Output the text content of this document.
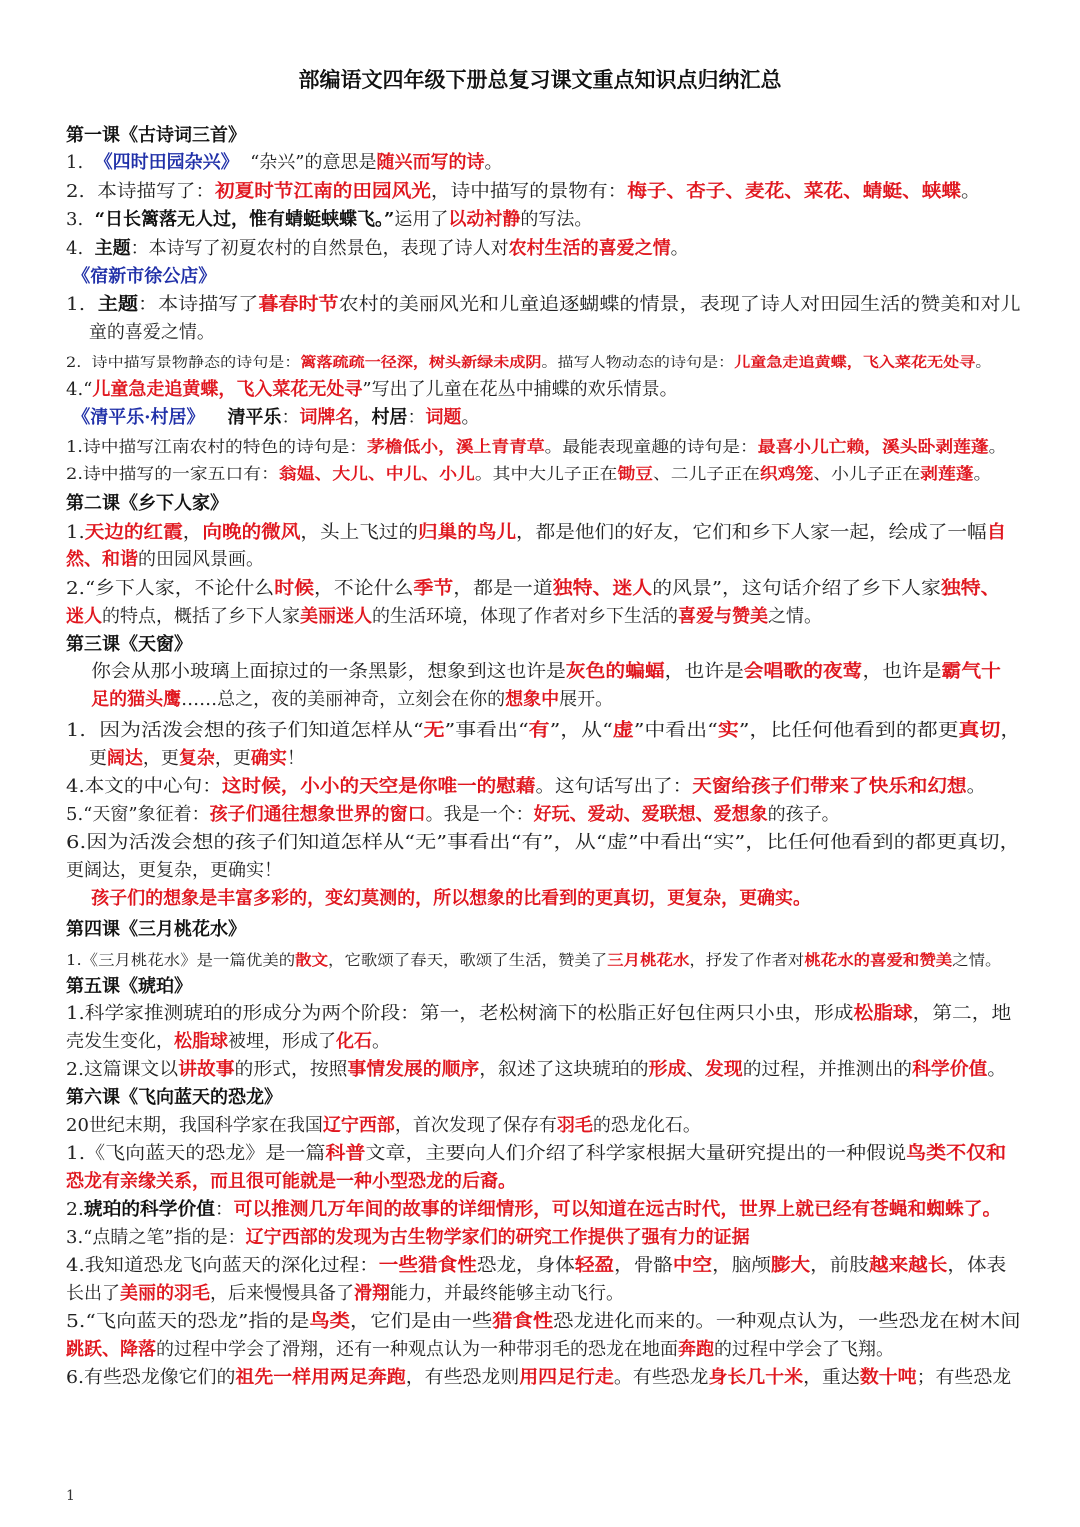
部编语文四年级下册总复习课文重点知识点归纳汇总
第一课《古诗词三首》
1.  《四时田园杂兴》  “杂兴”的意思是随兴而写的诗。
2.  本诗描写了：初夏时节江南的田园风光，诗中描写的景物有：梅子、杏子、麦花、菜花、蜻蜓、蛱蝶。
3.  “日长篱落无人过，惟有蜻蜓蛱蝶飞。”运用了以动衬静的写法。
4.  主题：本诗写了初夏农村的自然景色，表现了诗人对农村生活的喜爱之情。
《宿新市徐公店》
1.  主题：本诗描写了暮春时节农村的美丽风光和儿童追逐蝴蝶的情景，表现了诗人对田园生活的赞美和对儿
童的喜爱之情。
2.  诗中描写景物静态的诗句是：篱落疏疏一径深，树头新绿未成阴。描写人物动态的诗句是：儿童急走追黄蝶，飞入菜花无处寻。
4.“儿童急走追黄蝶，飞入菜花无处寻”写出了儿童在花丛中捕蝶的欢乐情景。
《清平乐·村居》 清平乐：词牌名，村居：词题。
1.诗中描写江南农村的特色的诗句是：茅檐低小，溪上青青草。最能表现童趣的诗句是：最喜小儿亡赖，溪头卧剥莲蓬。
2.诗中描写的一家五口有：翁媪、大儿、中儿、小儿。其中大儿子正在锄豆、二儿子正在织鸡笼、小儿子正在剥莲蓬。
第二课《乡下人家》
1.天边的红霞，向晚的微风，头上飞过的归巢的鸟儿，都是他们的好友，它们和乡下人家一起，绘成了一幅自
然、和谐的田园风景画。
2.“乡下人家，不论什么时候，不论什么季节，都是一道独特、迷人的风景”，这句话介绍了乡下人家独特、
迷人的特点，概括了乡下人家美丽迷人的生活环境，体现了作者对乡下生活的喜爱与赞美之情。
第三课《天窗》
你会从那小玻璃上面掠过的一条黑影，想象到这也许是灰色的蝙蝠，也许是会唱歌的夜莺，也许是霸气十
足的猫头鹰……总之，夜的美丽神奇，立刻会在你的想象中展开。
1.  因为活泼会想的孩子们知道怎样从“无”事看出“有”，从“虚”中看出“实”，比任何他看到的都更真切，
更阔达，更复杂，更确实！
4.本文的中心句：这时候，小小的天空是你唯一的慰藉。这句话写出了：天窗给孩子们带来了快乐和幻想。
5.“天窗”象征着：孩子们通往想象世界的窗口。我是一个：好玩、爱动、爱联想、爱想象的孩子。
6.因为活泼会想的孩子们知道怎样从“无”事看出“有”，从“虚”中看出“实”，比任何他看到的都更真切，
更阔达，更复杂，更确实！
孩子们的想象是丰富多彩的，变幻莫测的，所以想象的比看到的更真切，更复杂，更确实。
第四课《三月桃花水》
1.《三月桃花水》是一篇优美的散文，它歌颂了春天，歌颂了生活，赞美了三月桃花水，抒发了作者对桃花水的喜爱和赞美之情。
第五课《琥珀》
1.科学家推测琥珀的形成分为两个阶段：第一，老松树滴下的松脂正好包住两只小虫，形成松脂球，第二，地
壳发生变化，松脂球被埋，形成了化石。
2.这篇课文以讲故事的形式，按照事情发展的顺序，叙述了这块琥珀的形成、发现的过程，并推测出的科学价值。
第六课《飞向蓝天的恐龙》
20世纪末期，我国科学家在我国辽宁西部，首次发现了保存有羽毛的恐龙化石。
1.《飞向蓝天的恐龙》是一篇科普文章，主要向人们介绍了科学家根据大量研究提出的一种假说鸟类不仅和
恐龙有亲缘关系，而且很可能就是一种小型恐龙的后裔。
2.琥珀的科学价值：可以推测几万年间的故事的详细情形，可以知道在远古时代，世界上就已经有苍蝇和蜘蛛了。
3.“点睛之笔”指的是：辽宁西部的发现为古生物学家们的研究工作提供了强有力的证据
4.我知道恐龙飞向蓝天的深化过程：一些猎食性恐龙，身体轻盈，骨骼中空，脑颅膨大，前肢越来越长，体表
长出了美丽的羽毛，后来慢慢具备了滑翔能力，并最终能够主动飞行。
5.“飞向蓝天的恐龙”指的是鸟类，它们是由一些猎食性恐龙进化而来的。一种观点认为，一些恐龙在树木间
跳跃、降落的过程中学会了滑翔，还有一种观点认为一种带羽毛的恐龙在地面奔跑的过程中学会了飞翔。
6.有些恐龙像它们的祖先一样用两足奔跑，有些恐龙则用四足行走。有些恐龙身长几十米，重达数十吨；有些恐龙
1
